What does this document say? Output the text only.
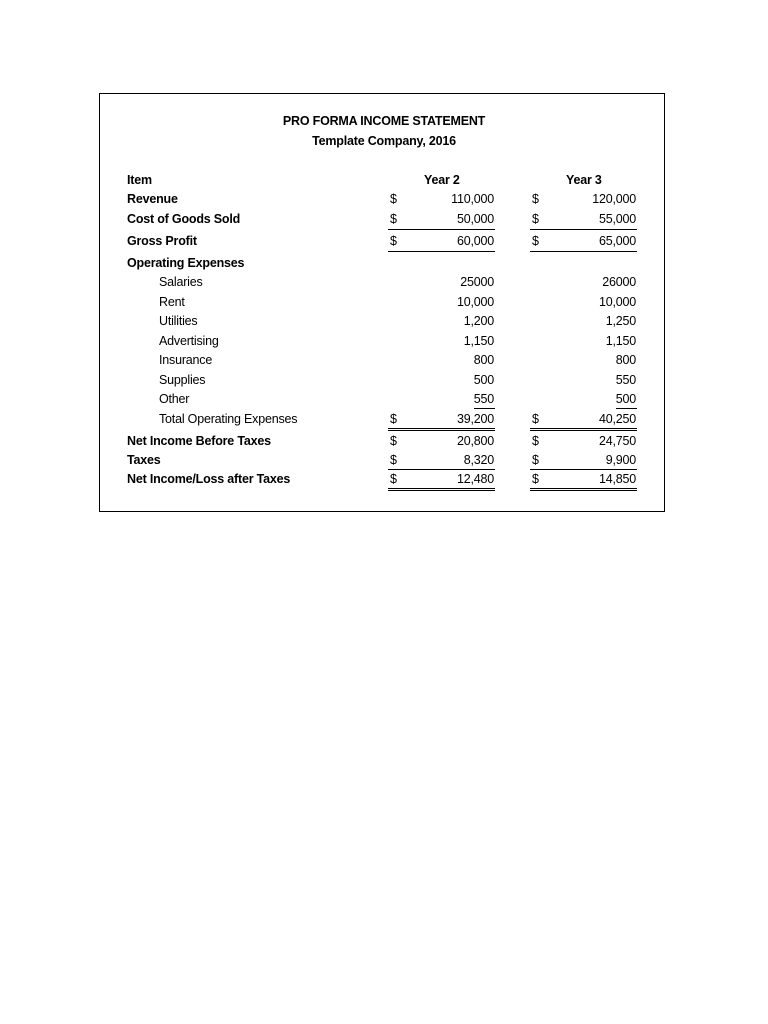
PRO FORMA INCOME STATEMENT
Template Company, 2016
Item	Year 2	Year 3
Revenue	$	110,000	$	120,000
Cost of Goods Sold	$	50,000	$	55,000
Gross Profit	$	60,000	$	65,000
Operating Expenses
Salaries	25000	26000
Rent	10,000	10,000
Utilities	1,200	1,250
Advertising	1,150	1,150
Insurance	800	800
Supplies	500	550
Other	550	500
Total Operating Expenses	$	39,200	$	40,250
Net Income Before Taxes	$	20,800	$	24,750
Taxes	$	8,320	$	9,900
Net Income/Loss after Taxes	$	12,480	$	14,850
